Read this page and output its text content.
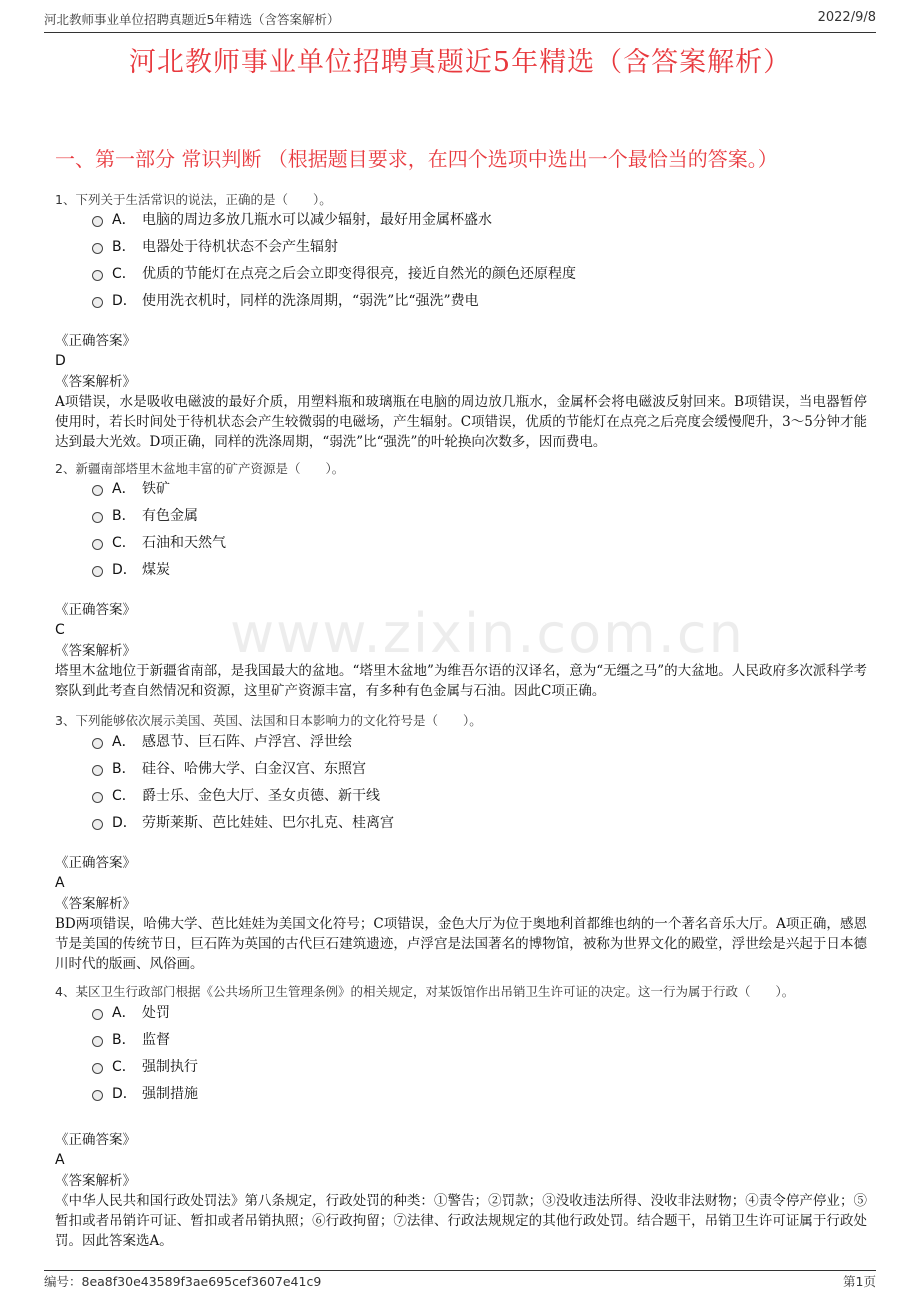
河北教师事业单位招聘真题近5年精选（含答案解析）	2022/9/8
河北教师事业单位招聘真题近5年精选（含答案解析）
一、第一部分 常识判断 （根据题目要求，在四个选项中选出一个最恰当的答案。）
www.zixin.com.cn
1、下列关于生活常识的说法，正确的是（　　）。
A． 电脑的周边多放几瓶水可以减少辐射，最好用金属杯盛水
B． 电器处于待机状态不会产生辐射
C． 优质的节能灯在点亮之后会立即变得很亮，接近自然光的颜色还原程度
D． 使用洗衣机时，同样的洗涤周期，“弱洗”比“强洗”费电
《正确答案》
D
《答案解析》
A项错误，水是吸收电磁波的最好介质，用塑料瓶和玻璃瓶在电脑的周边放几瓶水，金属杯会将电磁波反射回来。B项错误，当电器暂停使用时，若长时间处于待机状态会产生较微弱的电磁场，产生辐射。C项错误，优质的节能灯在点亮之后亮度会缓慢爬升，3～5分钟才能达到最大光效。D项正确，同样的洗涤周期，“弱洗”比“强洗”的叶轮换向次数多，因而费电。
2、新疆南部塔里木盆地丰富的矿产资源是（　　）。
A． 铁矿
B． 有色金属
C． 石油和天然气
D． 煤炭
《正确答案》
C
《答案解析》
塔里木盆地位于新疆省南部，是我国最大的盆地。“塔里木盆地”为维吾尔语的汉译名，意为“无缰之马”的大盆地。人民政府多次派科学考察队到此考查自然情况和资源，这里矿产资源丰富，有多种有色金属与石油。因此C项正确。
3、下列能够依次展示美国、英国、法国和日本影响力的文化符号是（　　）。
A． 感恩节、巨石阵、卢浮宫、浮世绘
B． 硅谷、哈佛大学、白金汉宫、东照宫
C． 爵士乐、金色大厅、圣女贞德、新干线
D． 劳斯莱斯、芭比娃娃、巴尔扎克、桂离宫
《正确答案》
A
《答案解析》
BD两项错误，哈佛大学、芭比娃娃为美国文化符号；C项错误，金色大厅为位于奥地利首都维也纳的一个著名音乐大厅。A项正确，感恩节是美国的传统节日，巨石阵为英国的古代巨石建筑遗迹，卢浮宫是法国著名的博物馆，被称为世界文化的殿堂，浮世绘是兴起于日本德川时代的版画、风俗画。
4、某区卫生行政部门根据《公共场所卫生管理条例》的相关规定，对某饭馆作出吊销卫生许可证的决定。这一行为属于行政（　　）。
A． 处罚
B． 监督
C． 强制执行
D． 强制措施
《正确答案》
A
《答案解析》
《中华人民共和国行政处罚法》第八条规定，行政处罚的种类：①警告；②罚款；③没收违法所得、没收非法财物；④责令停产停业；⑤暂扣或者吊销许可证、暂扣或者吊销执照；⑥行政拘留；⑦法律、行政法规规定的其他行政处罚。结合题干，吊销卫生许可证属于行政处罚。因此答案选A。
编号：8ea8f30e43589f3ae695cef3607e41c9	第1页
